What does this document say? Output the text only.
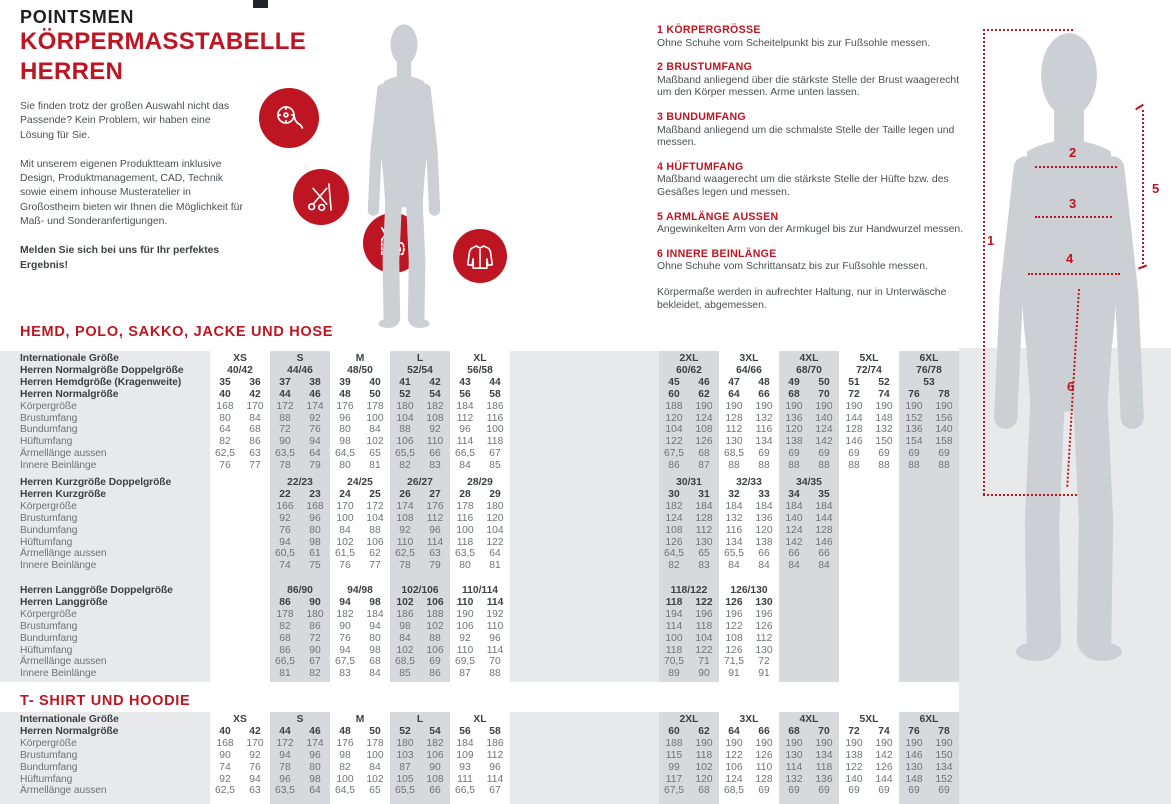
POINTSMEN
KÖRPERMASSTABELLE
HERREN

Sie finden trotz der großen Auswahl nicht das Passende? Kein Problem, wir haben eine Lösung für Sie.

Mit unserem eigenen Produktteam inklusive Design, Produktmanagement, CAD, Technik sowie einem inhouse Musteratelier in Großostheim bieten wir Ihnen die Möglichkeit für Maß- und Sonderanfertigungen.

Melden Sie sich bei uns für Ihr perfektes Ergebnis!

1 KÖRPERGRÖSSE

Ohne Schuhe vom Scheitelpunkt bis zur Fußsohle messen.

2 BRUSTUMFANG

Maßband anliegend über die stärkste Stelle der Brust waagerecht um den Körper messen. Arme unten lassen.

3 BUNDUMFANG

Maßband anliegend um die schmalste Stelle der Taille legen und messen.

4 HÜFTUMFANG

Maßband waagerecht um die stärkste Stelle der Hüfte bzw. des Gesäßes legen und messen.

5 ARMLÄNGE AUSSEN

Angewinkelten Arm von der Armkugel bis zur Handwurzel messen.

6 INNERE BEINLÄNGE

Ohne Schuhe vom Schrittansatz bis zur Fußsohle messen.

Körpermaße werden in aufrechter Haltung, nur in Unterwäsche bekleidet, abgemessen.

1
2
3
4
5
6
HEMD, POLO, SAKKO, JACKE UND HOSE
T- SHIRT UND HOODIE
Internationale Größe	XS	S	M	L	XL	2XL	3XL	4XL	5XL	6XL
Herren Normalgröße Doppelgröße	40/42	44/46	48/50	52/54	56/58	60/62	64/66	68/70	72/74	76/78
Herren Hemdgröße (Kragenweite)	35	36	37	38	39	40	41	42	43	44	45	46	47	48	49	50	51	52	53
Herren Normalgröße	40	42	44	46	48	50	52	54	56	58	60	62	64	66	68	70	72	74	76	78
Körpergröße	168	170	172	174	176	178	180	182	184	186	188	190	190	190	190	190	190	190	190	190
Brustumfang	80	84	88	92	96	100	104	108	112	116	120	124	128	132	136	140	144	148	152	156
Bundumfang	64	68	72	76	80	84	88	92	96	100	104	108	112	116	120	124	128	132	136	140
Hüftumfang	82	86	90	94	98	102	106	110	114	118	122	126	130	134	138	142	146	150	154	158
Ärmellänge aussen	62,5	63	63,5	64	64,5	65	65,5	66	66,5	67	67,5	68	68,5	69	69	69	69	69	69	69
Innere Beinlänge	76	77	78	79	80	81	82	83	84	85	86	87	88	88	88	88	88	88	88	88
Herren Kurzgröße Doppelgröße	22/23	24/25	26/27	28/29	30/31	32/33	34/35
Herren Kurzgröße	22	23	24	25	26	27	28	29	30	31	32	33	34	35
Körpergröße	166	168	170	172	174	176	178	180	182	184	184	184	184	184
Brustumfang	92	96	100	104	108	112	116	120	124	128	132	136	140	144
Bundumfang	76	80	84	88	92	96	100	104	108	112	116	120	124	128
Hüftumfang	94	98	102	106	110	114	118	122	126	130	134	138	142	146
Ärmellänge aussen	60,5	61	61,5	62	62,5	63	63,5	64	64,5	65	65,5	66	66	66
Innere Beinlänge	74	75	76	77	78	79	80	81	82	83	84	84	84	84
Herren Langgröße Doppelgröße	86/90	94/98	102/106	110/114	118/122	126/130
Herren Langgröße	86	90	94	98	102	106	110	114	118	122	126	130
Körpergröße	178	180	182	184	186	188	190	192	194	196	196	196
Brustumfang	82	86	90	94	98	102	106	110	114	118	122	126
Bundumfang	68	72	76	80	84	88	92	96	100	104	108	112
Hüftumfang	86	90	94	98	102	106	110	114	118	122	126	130
Ärmellänge aussen	66,5	67	67,5	68	68,5	69	69,5	70	70,5	71	71,5	72
Innere Beinlänge	81	82	83	84	85	86	87	88	89	90	91	91
Internationale Größe	XS	S	M	L	XL	2XL	3XL	4XL	5XL	6XL
Herren Normalgröße	40	42	44	46	48	50	52	54	56	58	60	62	64	66	68	70	72	74	76	78
Körpergröße	168	170	172	174	176	178	180	182	184	186	188	190	190	190	190	190	190	190	190	190
Brustumfang	90	92	94	96	98	100	103	106	109	112	115	118	122	126	130	134	138	142	146	150
Bundumfang	74	76	78	80	82	84	87	90	93	96	99	102	106	110	114	118	122	126	130	134
Hüftumfang	92	94	96	98	100	102	105	108	111	114	117	120	124	128	132	136	140	144	148	152
Ärmellänge aussen	62,5	63	63,5	64	64,5	65	65,5	66	66,5	67	67,5	68	68,5	69	69	69	69	69	69	69
